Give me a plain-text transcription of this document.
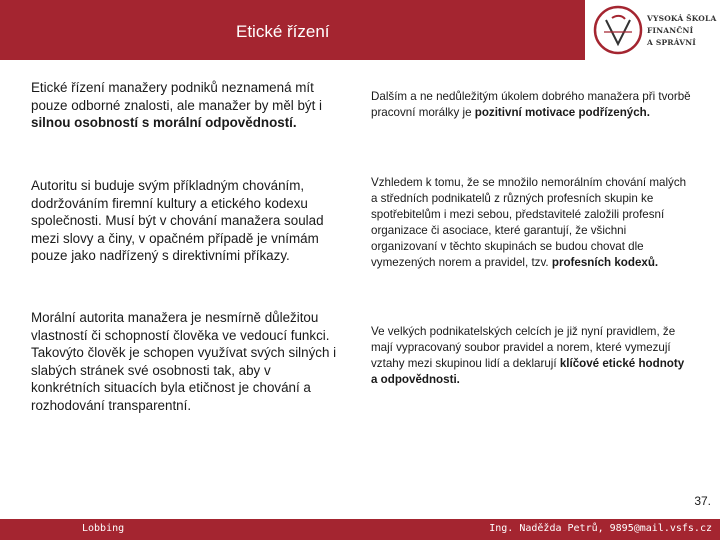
Etické řízení
VYSOKÁ ŠKOLA
FINANČNÍ
A SPRÁVNÍ

Etické řízení manažery podniků neznamená mít pouze odborné znalosti, ale manažer by měl být i silnou osobností s morální odpovědností.

Autoritu si buduje svým příkladným chováním, dodržováním firemní kultury a etického kodexu společnosti. Musí být v chování manažera soulad mezi slovy a činy, v opačném případě je vnímám pouze jako nadřízený s direktivními příkazy.

Morální autorita manažera je nesmírně důležitou vlastností či schopností člověka ve vedoucí funkci. Takovýto člověk je schopen využívat svých silných i slabých stránek své osobnosti tak, aby v konkrétních situacích byla etičnost je chování a rozhodování transparentní.

Dalším a ne nedůležitým úkolem dobrého manažera při tvorbě pracovní morálky je pozitivní motivace podřízených.

Vzhledem k tomu, že se množilo nemorálním chování malých a středních podnikatelů z různých profesních skupin ke spotřebitelům i mezi sebou, představitelé založili profesní organizace či asociace, které garantují, že všichni organizovaní v těchto skupinách se budou chovat dle vymezených norem a pravidel, tzv. profesních kodexů.

Ve velkých podnikatelských celcích je již nyní pravidlem, že mají vypracovaný soubor pravidel a norem, které vymezují vztahy mezi skupinou lidí a deklarují klíčové etické hodnoty a odpovědnosti.

37.
Lobbing	Ing. Naděžda Petrů, 9895@mail.vsfs.cz
